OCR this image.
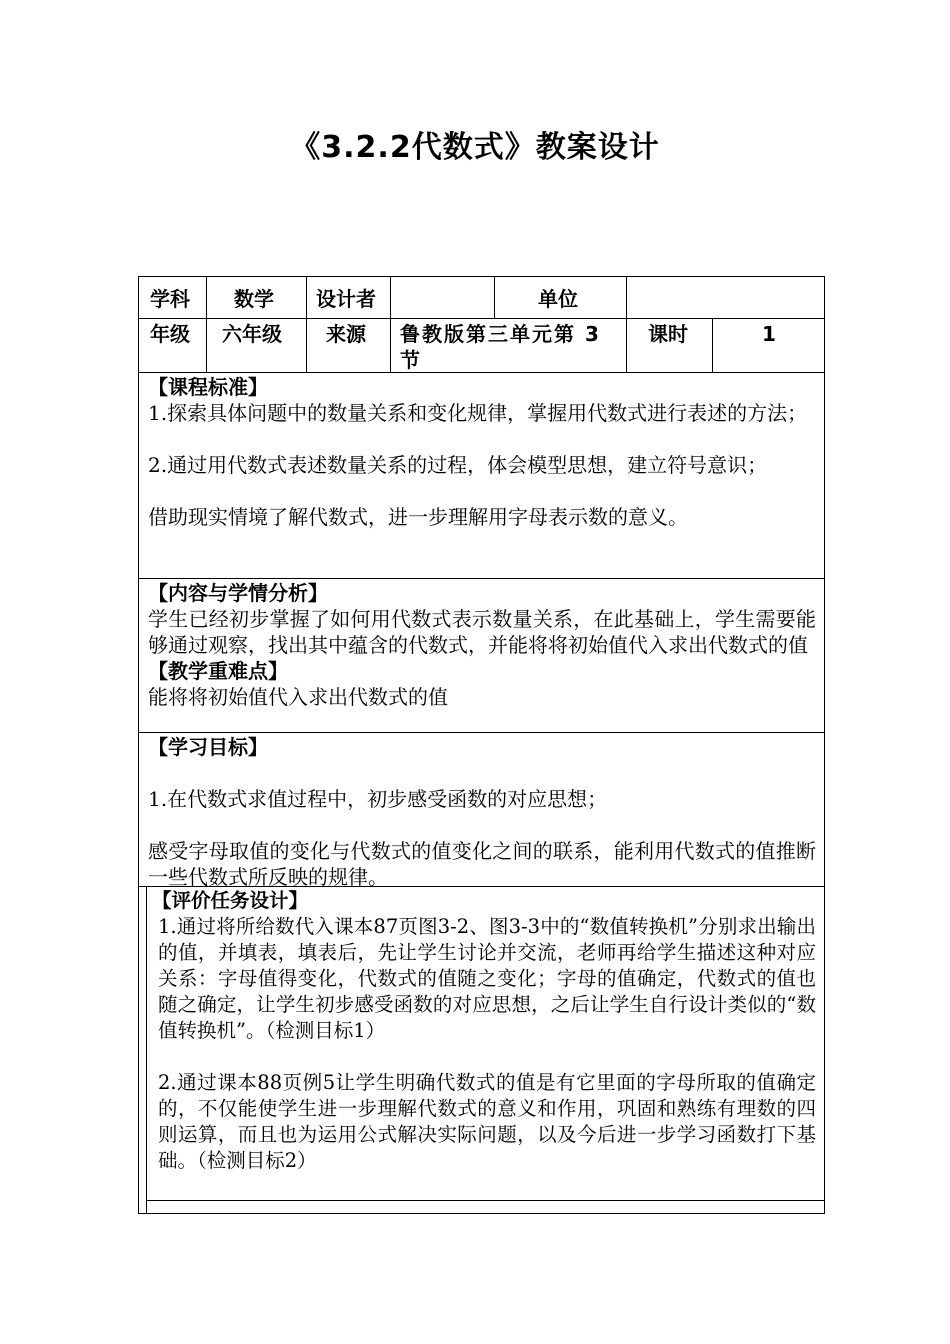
《3.2.2代数式》教案设计
学科 数学 设计者	单位
年级 六年级 来源 鲁教版第三单元第 3
节
课时	1
【课程标准】

1.探索具体问题中的数量关系和变化规律，掌握用代数式进行表述的方法；

2.通过用代数式表述数量关系的过程，体会模型思想，建立符号意识；

借助现实情境了解代数式，进一步理解用字母表示数的意义。

【内容与学情分析】

学生已经初步掌握了如何用代数式表示数量关系，在此基础上，学生需要能够通过观察，找出其中蕴含的代数式，并能将将初始值代入求出代数式的值

【教学重难点】

能将将初始值代入求出代数式的值

【学习目标】

1.在代数式求值过程中，初步感受函数的对应思想；

感受字母取值的变化与代数式的值变化之间的联系，能利用代数式的值推断一些代数式所反映的规律。

【评价任务设计】

1.通过将所给数代入课本87页图3-2、图3-3中的“数值转换机”分别求出输出的值，并填表，填表后，先让学生讨论并交流，老师再给学生描述这种对应关系：字母值得变化，代数式的值随之变化；字母的值确定，代数式的值也随之确定，让学生初步感受函数的对应思想，之后让学生自行设计类似的“数值转换机”。（检测目标1）

2.通过课本88页例5让学生明确代数式的值是有它里面的字母所取的值确定的，不仅能使学生进一步理解代数式的意义和作用，巩固和熟练有理数的四则运算，而且也为运用公式解决实际问题，以及今后进一步学习函数打下基础。（检测目标2）
